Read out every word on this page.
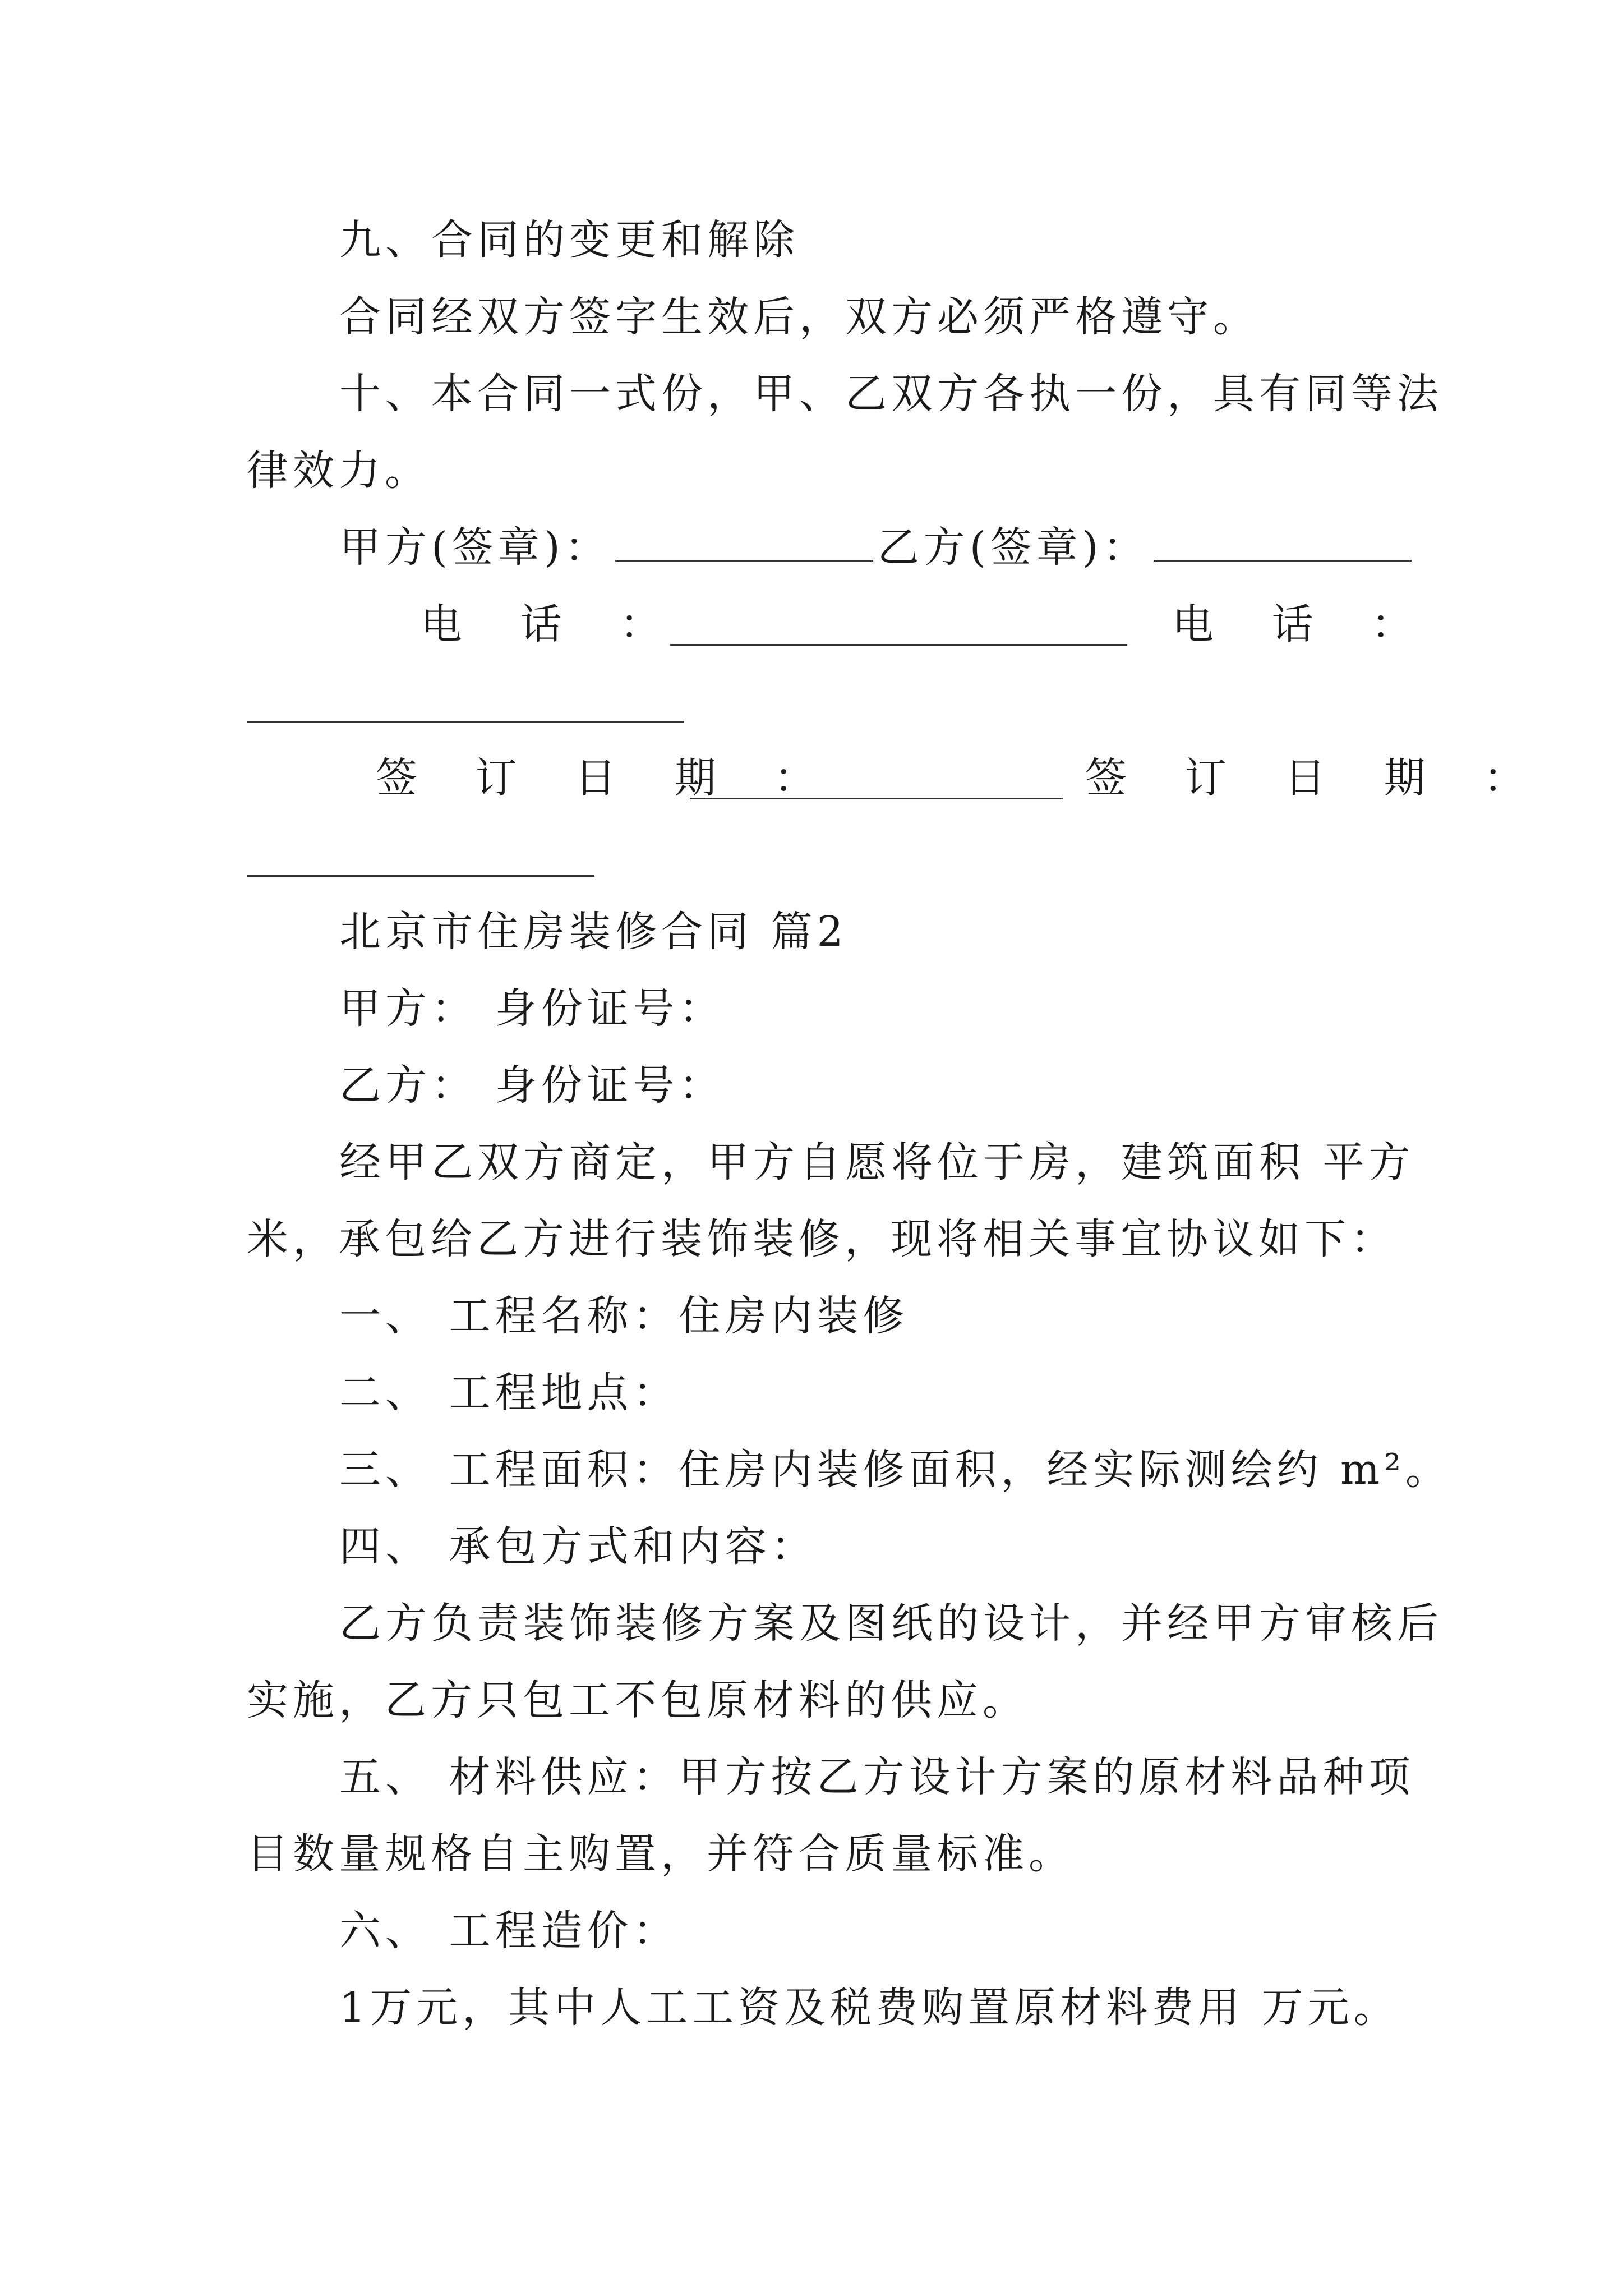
九、合同的变更和解除
合同经双方签字生效后，双方必须严格遵守。
十、本合同一式份，甲、乙双方各执一份，具有同等法
律效力。
甲方(签章)：	乙方(签章)：
电 话 ：	电 话 ：
签 订 日 期 ：	签 订 日 期 ：
北京市住房装修合同 篇2
甲方： 身份证号：
乙方： 身份证号：
经甲乙双方商定，甲方自愿将位于房，建筑面积 平方
米，承包给乙方进行装饰装修，现将相关事宜协议如下：
一、 工程名称：住房内装修
二、 工程地点：
三、 工程面积：住房内装修面积，经实际测绘约 m²。
四、 承包方式和内容：
乙方负责装饰装修方案及图纸的设计，并经甲方审核后
实施，乙方只包工不包原材料的供应。
五、 材料供应：甲方按乙方设计方案的原材料品种项
目数量规格自主购置，并符合质量标准。
六、 工程造价：
1万元，其中人工工资及税费购置原材料费用 万元。
